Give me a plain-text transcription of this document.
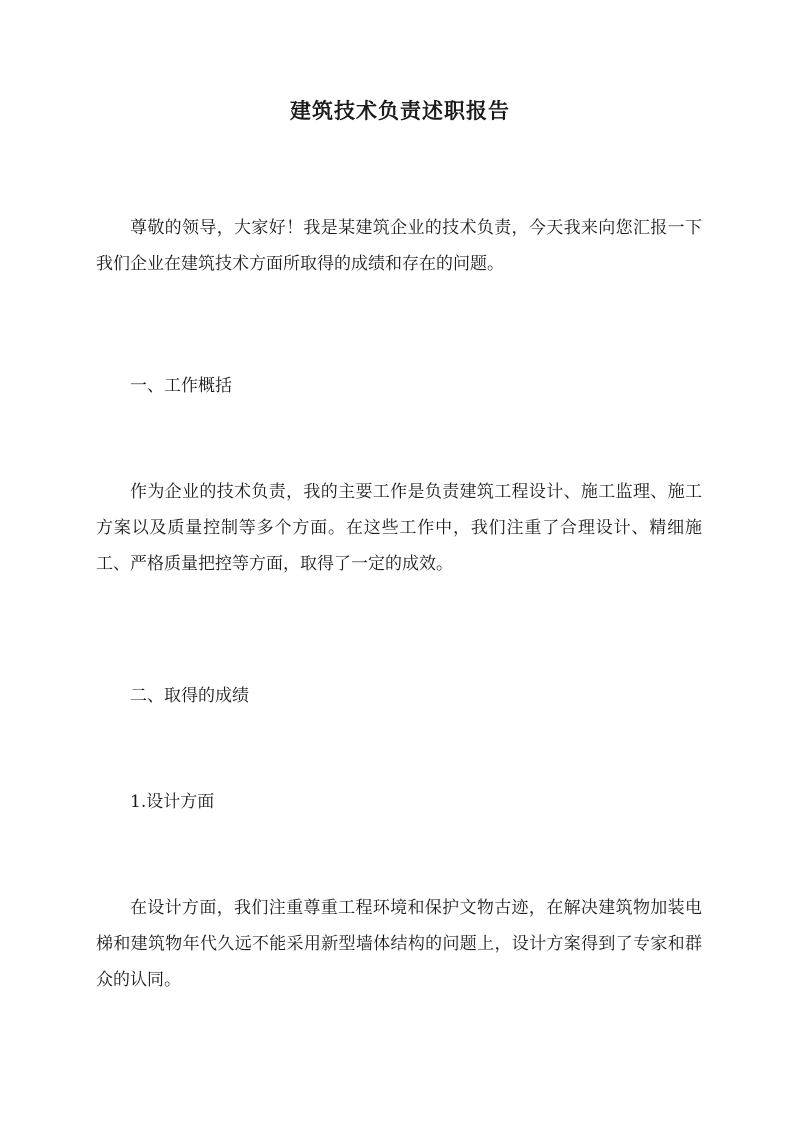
建筑技术负责述职报告

尊敬的领导，大家好！我是某建筑企业的技术负责，今天我来向您汇报一下我们企业在建筑技术方面所取得的成绩和存在的问题。

一、工作概括

作为企业的技术负责，我的主要工作是负责建筑工程设计、施工监理、施工方案以及质量控制等多个方面。在这些工作中，我们注重了合理设计、精细施工、严格质量把控等方面，取得了一定的成效。

二、取得的成绩

1.设计方面

在设计方面，我们注重尊重工程环境和保护文物古迹，在解决建筑物加装电梯和建筑物年代久远不能采用新型墙体结构的问题上，设计方案得到了专家和群众的认同。
